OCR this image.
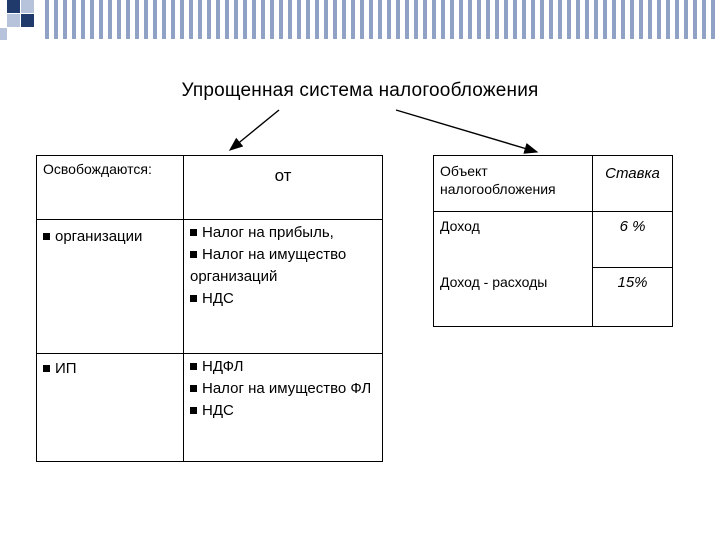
Упрощенная система налогообложения
Освобождаются:	от

организации	Налог на прибыль,
Налог на имущество организаций
НДС

ИП	НДФЛ
Налог на имущество ФЛ
НДС
Объект налогообложения	Ставка

Доход	6 %

Доход - расходы	15%
